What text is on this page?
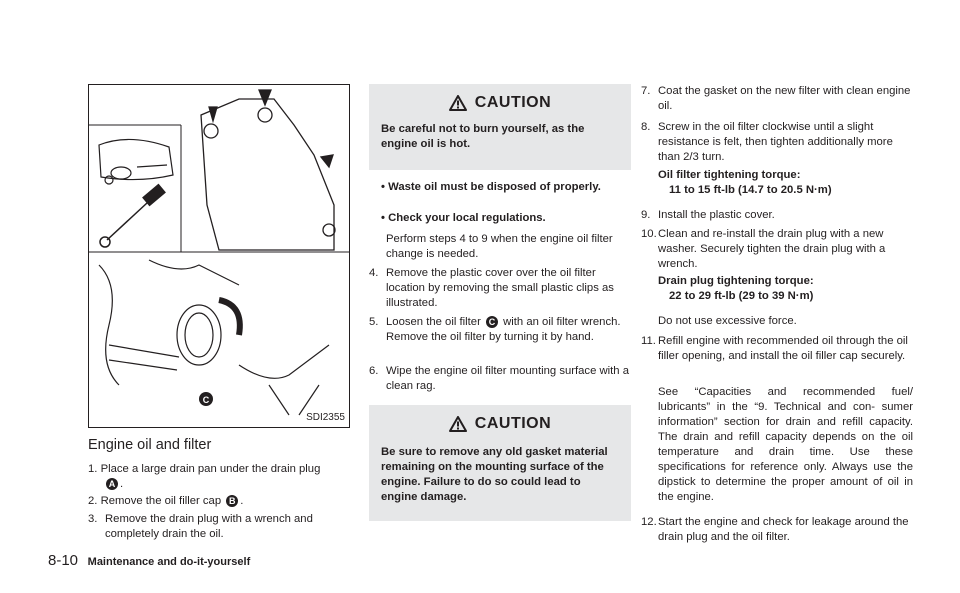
C
SDI2355
Engine oil and filter
1. Place a large drain pan under the drain plug
A .
2. Remove the oil filler cap B .
3. Remove the drain plug with a wrench and completely drain the oil.
CAUTION
Be careful not to burn yourself, as the engine oil is hot.
• Waste oil must be disposed of properly.
• Check your local regulations.
Perform steps 4 to 9 when the engine oil filter change is needed.
4. Remove the plastic cover over the oil filter location by removing the small plastic clips as illustrated.
5. Loosen the oil filter C with an oil filter wrench. Remove the oil filter by turning it by hand.
6. Wipe the engine oil filter mounting surface with a clean rag.
CAUTION
Be sure to remove any old gasket material remaining on the mounting surface of the engine. Failure to do so could lead to engine damage.
7. Coat the gasket on the new filter with clean engine oil.
8. Screw in the oil filter clockwise until a slight resistance is felt, then tighten additionally more than 2/3 turn.
Oil filter tightening torque:
11 to 15 ft-lb (14.7 to 20.5 N·m)
9. Install the plastic cover.
10. Clean and re-install the drain plug with a new washer. Securely tighten the drain plug with a wrench.
Drain plug tightening torque:
22 to 29 ft-lb (29 to 39 N·m)
Do not use excessive force.
11. Refill engine with recommended oil through the oil filler opening, and install the oil filler cap securely.
See “Capacities and recommended fuel/ lubricants” in the “9. Technical and con- sumer information” section for drain and refill capacity. The drain and refill capacity depends on the oil temperature and drain time. Use these specifications for reference only. Always use the dipstick to determine the proper amount of oil in the engine.
12. Start the engine and check for leakage around the drain plug and the oil filter.
8-10 Maintenance and do-it-yourself
